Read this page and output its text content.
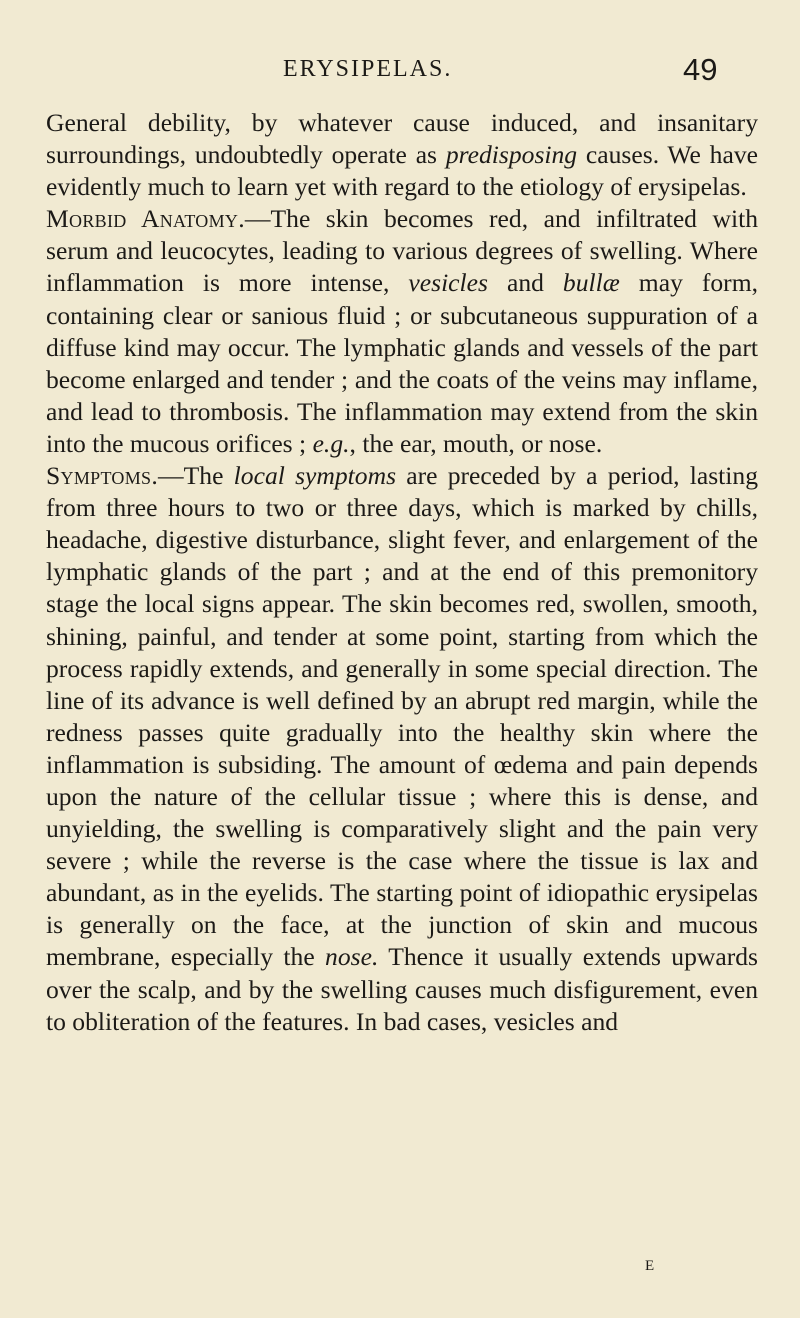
ERYSIPELAS.	49

General debility, by whatever cause induced, and insanitary surroundings, undoubtedly operate as predisposing causes. We have evidently much to learn yet with regard to the etiology of erysipelas.

Morbid Anatomy.—The skin becomes red, and infiltrated with serum and leucocytes, leading to various degrees of swelling. Where inflammation is more intense, vesicles and bullæ may form, containing clear or sanious fluid ; or subcutaneous suppuration of a diffuse kind may occur. The lymphatic glands and vessels of the part become enlarged and tender ; and the coats of the veins may inflame, and lead to thrombosis. The inflammation may extend from the skin into the mucous orifices ; e.g., the ear, mouth, or nose.

Symptoms.—The local symptoms are preceded by a period, lasting from three hours to two or three days, which is marked by chills, headache, digestive disturbance, slight fever, and enlargement of the lymphatic glands of the part ; and at the end of this premonitory stage the local signs appear. The skin becomes red, swollen, smooth, shining, painful, and tender at some point, starting from which the process rapidly extends, and generally in some special direction. The line of its advance is well defined by an abrupt red margin, while the redness passes quite gradually into the healthy skin where the inflammation is subsiding. The amount of œdema and pain depends upon the nature of the cellular tissue ; where this is dense, and unyielding, the swelling is comparatively slight and the pain very severe ; while the reverse is the case where the tissue is lax and abundant, as in the eyelids. The starting point of idiopathic erysipelas is generally on the face, at the junction of skin and mucous membrane, especially the nose. Thence it usually extends upwards over the scalp, and by the swelling causes much disfigurement, even to obliteration of the features. In bad cases, vesicles and

E
